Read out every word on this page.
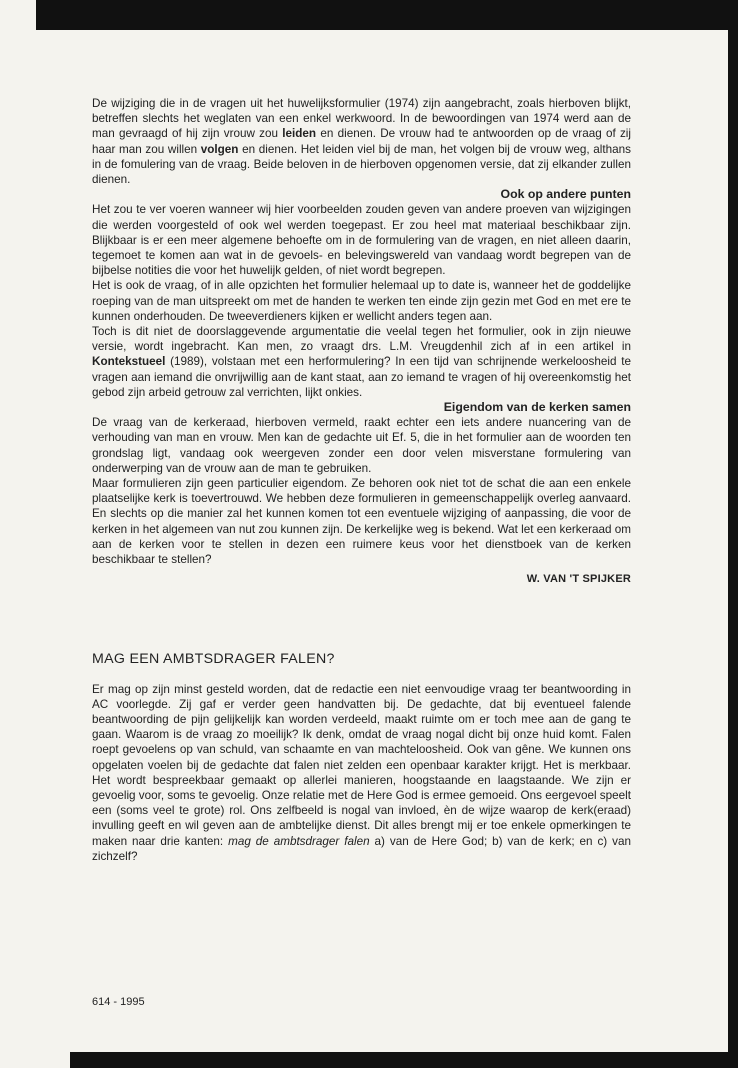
De wijziging die in de vragen uit het huwelijksformulier (1974) zijn aangebracht, zoals hierboven blijkt, betreffen slechts het weglaten van een enkel werkwoord. In de bewoordingen van 1974 werd aan de man gevraagd of hij zijn vrouw zou leiden en dienen. De vrouw had te antwoorden op de vraag of zij haar man zou willen volgen en dienen. Het leiden viel bij de man, het volgen bij de vrouw weg, althans in de fomulering van de vraag. Beide beloven in de hierboven opgenomen versie, dat zij elkander zullen dienen.

Ook op andere punten

Het zou te ver voeren wanneer wij hier voorbeelden zouden geven van andere proeven van wijzigingen die werden voorgesteld of ook wel werden toegepast. Er zou heel mat materiaal beschikbaar zijn. Blijkbaar is er een meer algemene behoefte om in de formulering van de vragen, en niet alleen daarin, tegemoet te komen aan wat in de gevoels- en belevingswereld van vandaag wordt begrepen van de bijbelse notities die voor het huwelijk gelden, of niet wordt begrepen.

Het is ook de vraag, of in alle opzichten het formulier helemaal up to date is, wanneer het de goddelijke roeping van de man uitspreekt om met de handen te werken ten einde zijn gezin met God en met ere te kunnen onderhouden. De tweeverdieners kijken er wellicht anders tegen aan.

Toch is dit niet de doorslaggevende argumentatie die veelal tegen het formulier, ook in zijn nieuwe versie, wordt ingebracht. Kan men, zo vraagt drs. L.M. Vreugdenhil zich af in een artikel in Kontekstueel (1989), volstaan met een herformulering? In een tijd van schrijnende werkeloosheid te vragen aan iemand die onvrijwillig aan de kant staat, aan zo iemand te vragen of hij overeenkomstig het gebod zijn arbeid getrouw zal verrichten, lijkt onkies.

Eigendom van de kerken samen

De vraag van de kerkeraad, hierboven vermeld, raakt echter een iets andere nuancering van de verhouding van man en vrouw. Men kan de gedachte uit Ef. 5, die in het formulier aan de woorden ten grondslag ligt, vandaag ook weergeven zonder een door velen misverstane formulering van onderwerping van de vrouw aan de man te gebruiken.

Maar formulieren zijn geen particulier eigendom. Ze behoren ook niet tot de schat die aan een enkele plaatselijke kerk is toevertrouwd. We hebben deze formulieren in gemeenschappelijk overleg aanvaard. En slechts op die manier zal het kunnen komen tot een eventuele wijziging of aanpassing, die voor de kerken in het algemeen van nut zou kunnen zijn. De kerkelijke weg is bekend. Wat let een kerkeraad om aan de kerken voor te stellen in dezen een ruimere keus voor het dienstboek van de kerken beschikbaar te stellen?

W. VAN 'T SPIJKER
MAG EEN AMBTSDRAGER FALEN?

Er mag op zijn minst gesteld worden, dat de redactie een niet eenvoudige vraag ter beantwoording in AC voorlegde. Zij gaf er verder geen handvatten bij. De gedachte, dat bij eventueel falende beantwoording de pijn gelijkelijk kan worden verdeeld, maakt ruimte om er toch mee aan de gang te gaan. Waarom is de vraag zo moeilijk? Ik denk, omdat de vraag nogal dicht bij onze huid komt. Falen roept gevoelens op van schuld, van schaamte en van machteloosheid. Ook van gêne. We kunnen ons opgelaten voelen bij de gedachte dat falen niet zelden een openbaar karakter krijgt. Het is merkbaar. Het wordt bespreekbaar gemaakt op allerlei manieren, hoogstaande en laagstaande. We zijn er gevoelig voor, soms te gevoelig. Onze relatie met de Here God is ermee gemoeid. Ons eergevoel speelt een (soms veel te grote) rol. Ons zelfbeeld is nogal van invloed, èn de wijze waarop de kerk(eraad) invulling geeft en wil geven aan de ambtelijke dienst. Dit alles brengt mij er toe enkele opmerkingen te maken naar drie kanten: mag de ambtsdrager falen a) van de Here God; b) van de kerk; en c) van zichzelf?

614 - 1995
